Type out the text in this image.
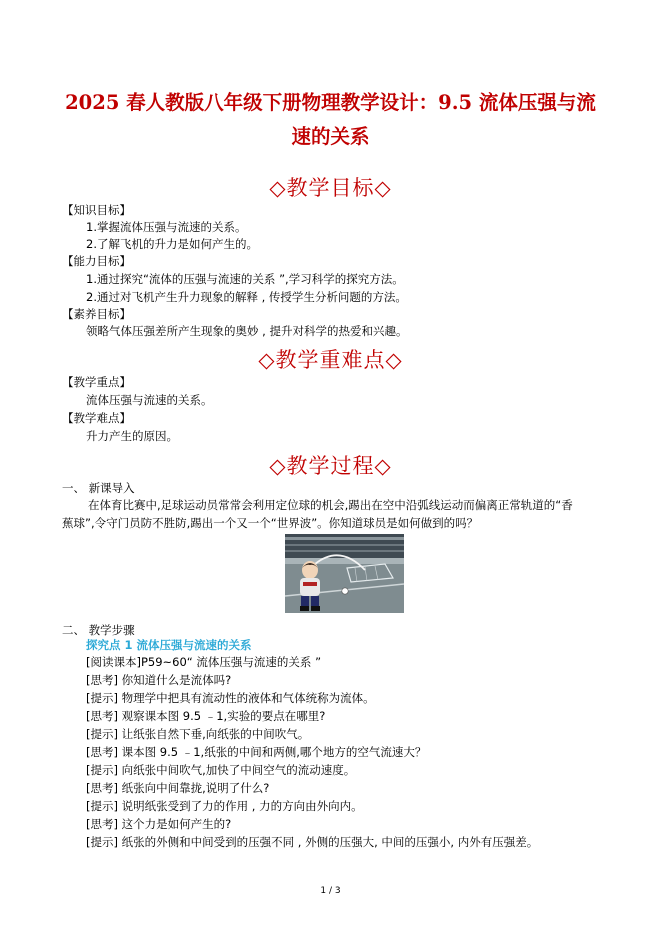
2025 春人教版八年级下册物理教学设计：9.5 流体压强与流
速的关系
◇教学目标◇
【知识目标】
1.掌握流体压强与流速的关系。
2.了解飞机的升力是如何产生的。
【能力目标】
1.通过探究“流体的压强与流速的关系 ”,学习科学的探究方法。
2.通过对飞机产生升力现象的解释 , 传授学生分析问题的方法。
【素养目标】
领略气体压强差所产生现象的奥妙 , 提升对科学的热爱和兴趣。
◇教学重难点◇
【教学重点】
流体压强与流速的关系。
【教学难点】
升力产生的原因。
◇教学过程◇
一、 新课导入
在体育比赛中,足球运动员常常会利用定位球的机会,踢出在空中沿弧线运动而偏离正常轨道的“香蕉球”,令守门员防不胜防,踢出一个又一个“世界波”。你知道球员是如何做到的吗？
二、 教学步骤
探究点 1 流体压强与流速的关系
[阅读课本]P59~60“ 流体压强与流速的关系 ”
[思考] 你知道什么是流体吗?
[提示] 物理学中把具有流动性的液体和气体统称为流体。
[思考] 观察课本图 9.5 ﹣1,实验的要点在哪里?
[提示] 让纸张自然下垂,向纸张的中间吹气。
[思考] 课本图 9.5 ﹣1,纸张的中间和两侧,哪个地方的空气流速大？
[提示] 向纸张中间吹气,加快了中间空气的流动速度。
[思考] 纸张向中间靠拢,说明了什么?
[提示] 说明纸张受到了力的作用 , 力的方向由外向内。
[思考] 这个力是如何产生的?
[提示] 纸张的外侧和中间受到的压强不同 , 外侧的压强大, 中间的压强小, 内外有压强差。
1 / 3
